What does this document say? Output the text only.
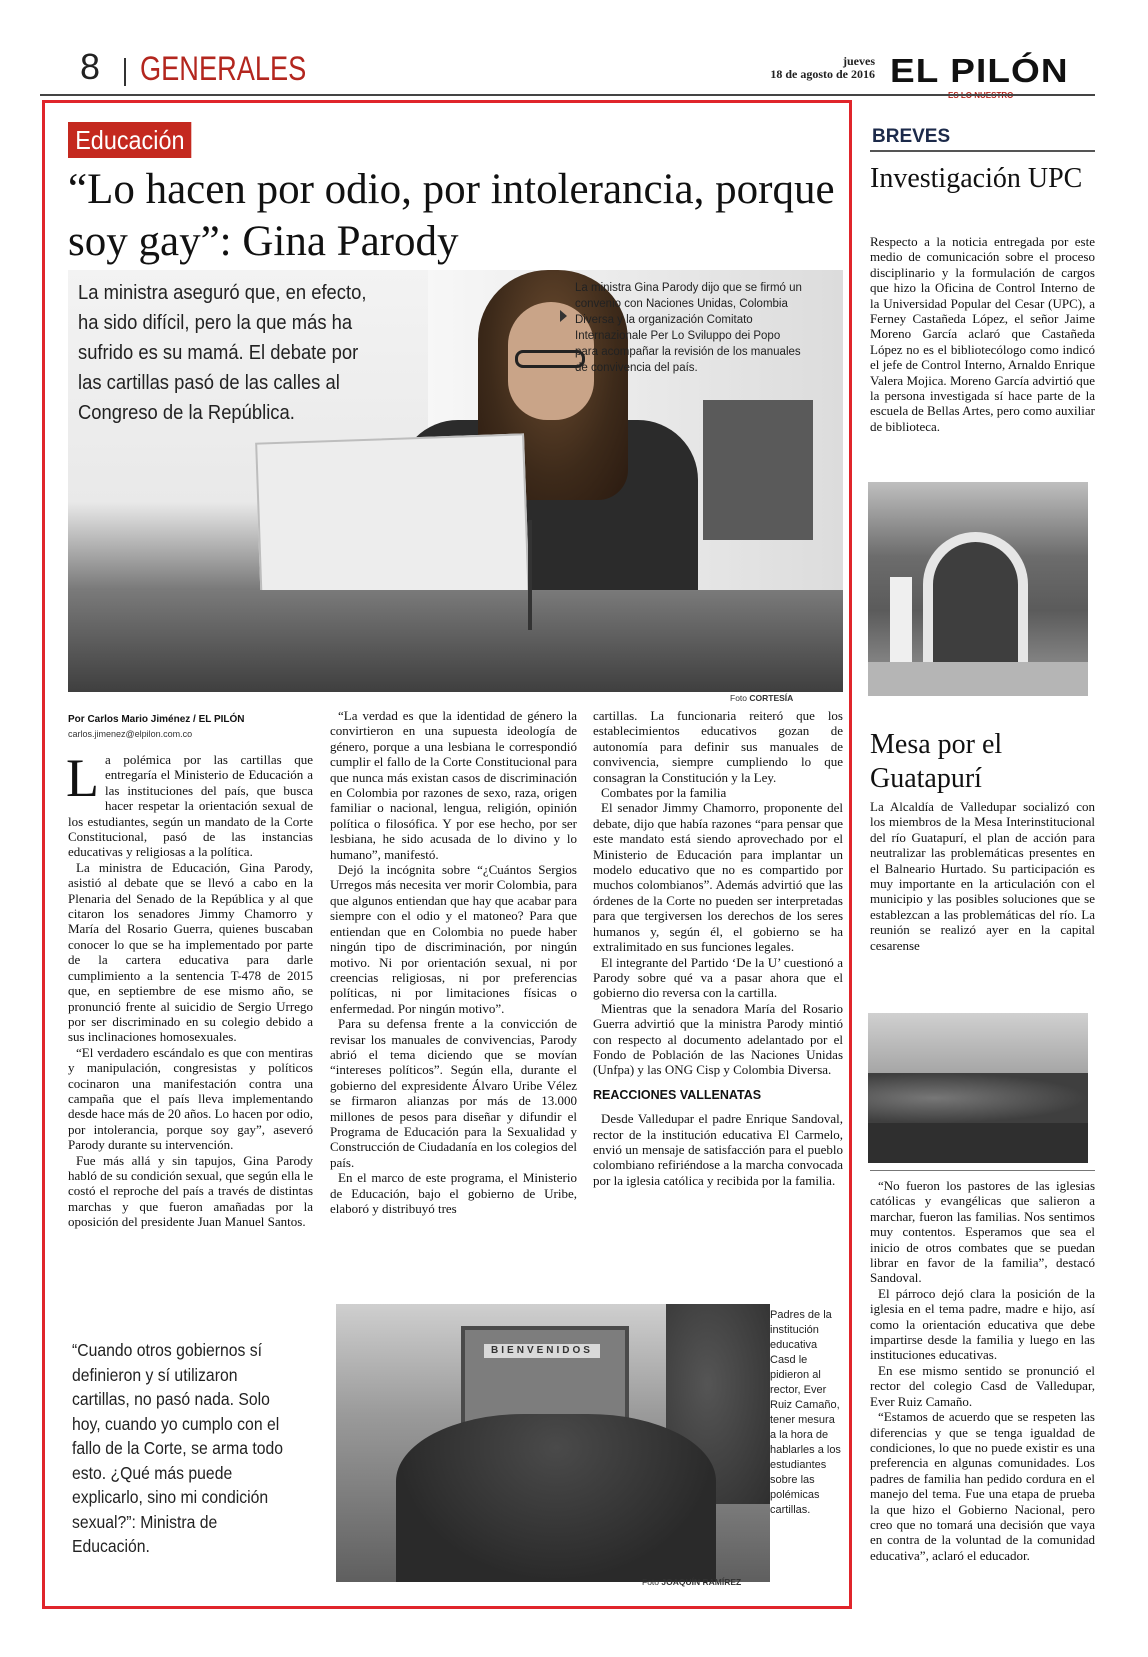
8 GENERALES	jueves
18 de agosto de 2016 EL PILÓN
Educación
“Lo hacen por odio, por intolerancia, porque soy gay”: Gina Parody
La ministra aseguró que, en efecto, ha sido difícil, pero la que más ha sufrido es su mamá. El debate por las cartillas pasó de las calles al Congreso de la República.
La ministra Gina Parody dijo que se firmó un convenio con Naciones Unidas, Colombia Diversa y la organización Comitato Internazionale Per Lo Sviluppo dei Popo para acompañar la revisión de los manuales de convivencia del país.
Foto CORTESÍA
Por Carlos Mario Jiménez / EL PILÓN
carlos.jimenez@elpilon.com.co

La polémica por las cartillas que entregaría el Ministerio de Educación a las instituciones del país, que busca hacer respetar la orientación sexual de los estudiantes, según un mandato de la Corte Constitucional, pasó de las instancias educativas y religiosas a la política.

La ministra de Educación, Gina Parody, asistió al debate que se llevó a cabo en la Plenaria del Senado de la República y al que citaron los senadores Jimmy Chamorro y María del Rosario Guerra, quienes buscaban conocer lo que se ha implementado por parte de la cartera educativa para darle cumplimiento a la sentencia T-478 de 2015 que, en septiembre de ese mismo año, se pronunció frente al suicidio de Sergio Urrego por ser discriminado en su colegio debido a sus inclinaciones homosexuales.

“El verdadero escándalo es que con mentiras y manipulación, congresistas y políticos cocinaron una manifestación contra una campaña que el país lleva implementando desde hace más de 20 años. Lo hacen por odio, por intolerancia, porque soy gay”, aseveró Parody durante su intervención.

Fue más allá y sin tapujos, Gina Parody habló de su condición sexual, que según ella le costó el reproche del país a través de distintas marchas y que fueron amañadas por la oposición del presidente Juan Manuel Santos.

“Cuando otros gobiernos sí definieron y sí utilizaron cartillas, no pasó nada. Solo hoy, cuando yo cumplo con el fallo de la Corte, se arma todo esto. ¿Qué más puede explicarlo, sino mi condición sexual?”: Ministra de Educación.

“La verdad es que la identidad de género la convirtieron en una supuesta ideología de género, porque a una lesbiana le correspondió cumplir el fallo de la Corte Constitucional para que nunca más existan casos de discriminación en Colombia por razones de sexo, raza, origen familiar o nacional, lengua, religión, opinión política o filosófica. Y por ese hecho, por ser lesbiana, he sido acusada de lo divino y lo humano”, manifestó.

Dejó la incógnita sobre “¿Cuántos Sergios Urregos más necesita ver morir Colombia, para que algunos entiendan que hay que acabar para siempre con el odio y el matoneo? Para que entiendan que en Colombia no puede haber ningún tipo de discriminación, por ningún motivo. Ni por orientación sexual, ni por creencias religiosas, ni por preferencias políticas, ni por limitaciones físicas o enfermedad. Por ningún motivo”.

Para su defensa frente a la convicción de revisar los manuales de convivencias, Parody abrió el tema diciendo que se movían “intereses políticos”. Según ella, durante el gobierno del expresidente Álvaro Uribe Vélez se firmaron alianzas por más de 13.000 millones de pesos para diseñar y difundir el Programa de Educación para la Sexualidad y Construcción de Ciudadanía en los colegios del país.

En el marco de este programa, el Ministerio de Educación, bajo el gobierno de Uribe, elaboró y distribuyó tres

cartillas. La funcionaria reiteró que los establecimientos educativos gozan de autonomía para definir sus manuales de convivencia, siempre cumpliendo lo que consagran la Constitución y la Ley.

Combates por la familia

El senador Jimmy Chamorro, proponente del debate, dijo que había razones “para pensar que este mandato está siendo aprovechado por el Ministerio de Educación para implantar un modelo educativo que no es compartido por muchos colombianos”. Además advirtió que las órdenes de la Corte no pueden ser interpretadas para que tergiversen los derechos de los seres humanos y, según él, el gobierno se ha extralimitado en sus funciones legales.

El integrante del Partido ‘De la U’ cuestionó a Parody sobre qué va a pasar ahora que el gobierno dio reversa con la cartilla.

Mientras que la senadora María del Rosario Guerra advirtió que la ministra Parody mintió con respecto al documento adelantado por el Fondo de Población de las Naciones Unidas (Unfpa) y las ONG Cisp y Colombia Diversa.

REACCIONES VALLENATAS

Desde Valledupar el padre Enrique Sandoval, rector de la institución educativa El Carmelo, envió un mensaje de satisfacción para el pueblo colombiano refiriéndose a la marcha convocada por la iglesia católica y recibida por la familia.

BIENVENIDOS
Padres de la institución educativa Casd le pidieron al rector, Ever Ruiz Camaño, tener mesura a la hora de hablarles a los estudiantes sobre las polémicas cartillas.
Foto JOAQUÍN RAMÍREZ
BREVES
Investigación UPC

Respecto a la noticia entregada por este medio de comunicación sobre el proceso disciplinario y la formulación de cargos que hizo la Oficina de Control Interno de la Universidad Popular del Cesar (UPC), a Ferney Castañeda López, el señor Jaime Moreno García aclaró que Castañeda López no es el bibliotecólogo como indicó el jefe de Control Interno, Arnaldo Enrique Valera Mojica. Moreno García advirtió que la persona investigada sí hace parte de la escuela de Bellas Artes, pero como auxiliar de biblioteca.

Mesa por el Guatapurí

La Alcaldía de Valledupar socializó con los miembros de la Mesa Interinstitucional del río Guatapurí, el plan de acción para neutralizar las problemáticas presentes en el Balneario Hurtado. Su participación es muy importante en la articulación con el municipio y las posibles soluciones que se establezcan a las problemáticas del río. La reunión se realizó ayer en la capital cesarense

“No fueron los pastores de las iglesias católicas y evangélicas que salieron a marchar, fueron las familias. Nos sentimos muy contentos. Esperamos que sea el inicio de otros combates que se puedan librar en favor de la familia”, destacó Sandoval.

El párroco dejó clara la posición de la iglesia en el tema padre, madre e hijo, así como la orientación educativa que debe impartirse desde la familia y luego en las instituciones educativas.

En ese mismo sentido se pronunció el rector del colegio Casd de Valledupar, Ever Ruiz Camaño.

“Estamos de acuerdo que se respeten las diferencias y que se tenga igualdad de condiciones, lo que no puede existir es una preferencia en algunas comunidades. Los padres de familia han pedido cordura en el manejo del tema. Fue una etapa de prueba la que hizo el Gobierno Nacional, pero creo que no tomará una decisión que vaya en contra de la voluntad de la comunidad educativa”, aclaró el educador.
